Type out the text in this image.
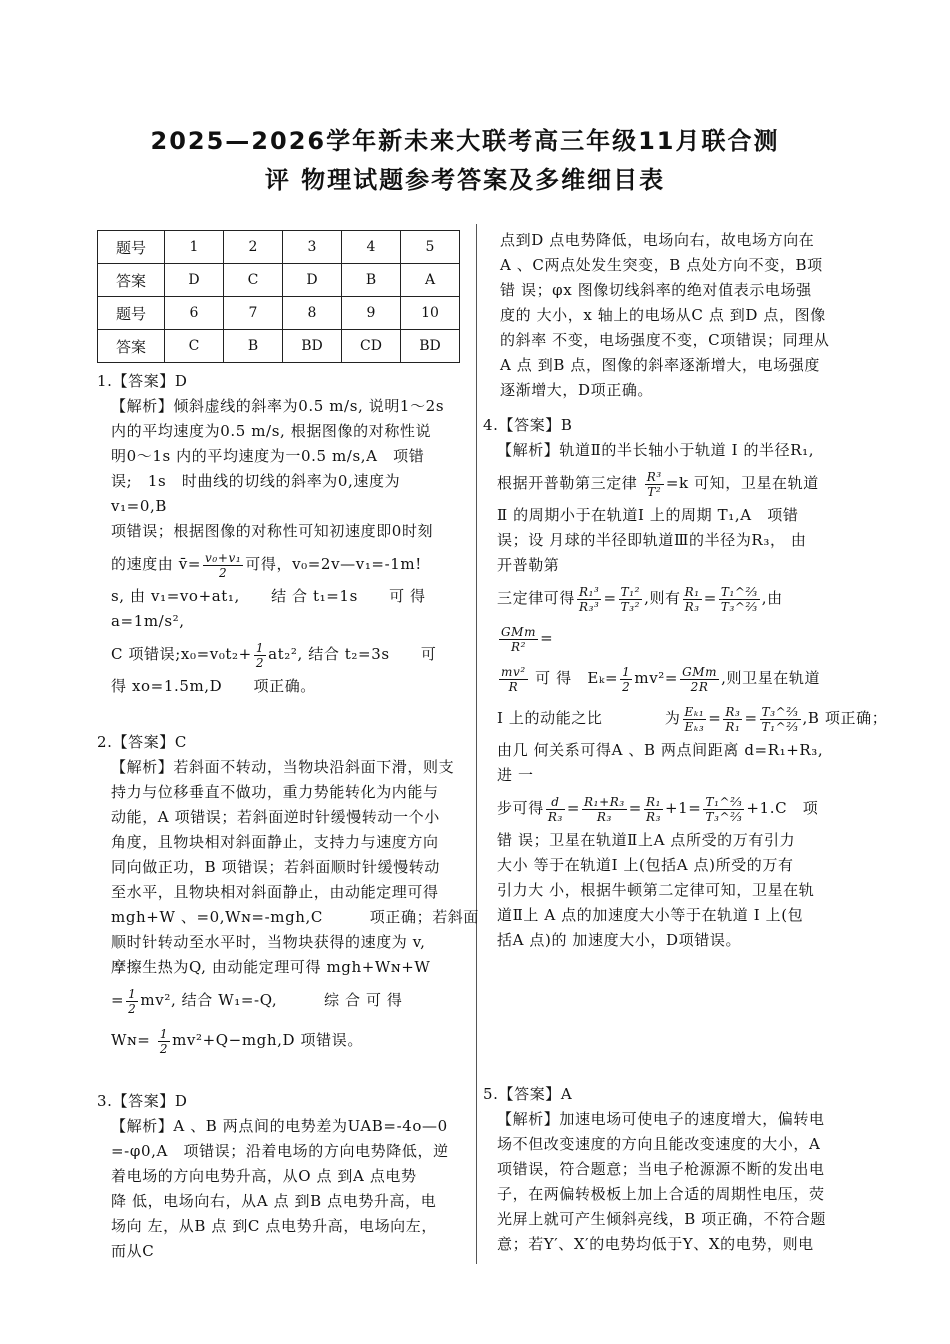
2025—2026学年新未来大联考高三年级11月联合测
评 物理试题参考答案及多维细目表
题号	1	2	3	4	5
答案	D	C	D	B	A
题号	6	7	8	9	10
答案	C	B	BD	CD	BD
1.【答案】D
【解析】倾斜虚线的斜率为0.5 m/s, 说明1～2s
内的平均速度为0.5 m/s, 根据图像的对称性说
明0～1s 内的平均速度为一0.5 m/s,A　项错
误;　1s　时曲线的切线的斜率为0,速度为
v₁=0,B
项错误；根据图像的对称性可知初速度即0时刻
的速度由 v̄= $\frac{\text{v₀+v₁}}{2}$ 可得，v₀=2v—v₁=-1m!
s, 由 v₁=vo+at₁,　　结 合 t₁=1s　　可 得
a=1m/s²,
C 项错误;x₀=v₀t₂+ $\frac{1}{2} at_2^2$, 结合 t₂=3s　　可
得 xo=1.5m,D　　项正确。
2.【答案】C
【解析】若斜面不转动，当物块沿斜面下滑，则支
持力与位移垂直不做功，重力势能转化为内能与
动能，A 项错误；若斜面逆时针缓慢转动一个小
角度，且物块相对斜面静止，支持力与速度方向
同向做正功，B 项错误；若斜面顺时针缓慢转动
至水平，且物块相对斜面静止，由动能定理可得
mgh+W 、=0,Wɴ=-mgh,C　　　项正确；若斜面
顺时针转动至水平时，当物块获得的速度为 v,
摩擦生热为Q, 由动能定理可得 mgh+Wɴ+W
= $\frac{1}{2} mv^2$, 结合 W₁=-Q,　　　综 合 可 得
Wɴ= $\frac{1}{2} mv^2+Q-mgh,D$ 项错误。
3.【答案】D
【解析】A 、B 两点间的电势差为UAB=-4o—0
=-φ0,A　项错误；沿着电场的方向电势降低，逆
着电场的方向电势升高，从O 点 到A 点电势
降 低，电场向右，从A 点 到B 点电势升高，电
场向 左，从B 点 到C 点电势升高，电场向左，
而从C
点到D 点电势降低，电场向右，故电场方向在
A 、C两点处发生突变，B 点处方向不变，B项
错 误；φx 图像切线斜率的绝对值表示电场强
度的 大小，x 轴上的电场从C 点 到D 点，图像
的斜率 不变，电场强度不变，C项错误；同理从
A 点 到B 点，图像的斜率逐渐增大，电场强度
逐渐增大，D项正确。
4.【答案】B
【解析】轨道Ⅱ的半长轴小于轨道 Ⅰ 的半径R₁,
根据开普勒第三定律 $\frac{\text{R³}}{\text{T²}} =k$ 可知，卫星在轨道
Ⅱ 的周期小于在轨道Ⅰ 上的周期 T₁,A　项错
误；设 月球的半径即轨道Ⅲ的半径为R₃， 由
开普勒第
三定律可得 $\frac{\text{R₁³}}{\text{R₃³}} = \frac{\text{T₁²}}{\text{T₃²}}$ ,则有 $\frac{\text{R₁}}{\text{R₃}} = \frac{\text{T₁\textasciicircum{}⅔}}{\text{T₃\textasciicircum{}⅔}}$ ,由
$\frac{\text{GMm}}{\text{R²}}$ =
$\frac{\text{mv²}}{R}$ 可 得　$E_k= \frac{1}{2} mv^2= \frac{\text{GMm}}{2R}$ ,则卫星在轨道
Ⅰ 上的动能之比　　　　为 $\frac{\text{Eₖ₁}}{\text{Eₖ₃}} = \frac{\text{R₃}}{\text{R₁}} = \frac{\text{T₃\textasciicircum{}⅔}}{\text{T₁\textasciicircum{}⅔}} ,B$ 项正确；
由几 何关系可得A 、B 两点间距离 d=R₁+R₃,
进 一
步可得 $\frac{d}{\text{R₃}} = \frac{\text{R₁+R₃}}{\text{R₃}} = \frac{\text{R₁}}{\text{R₃}} +1= \frac{\text{T₁\textasciicircum{}⅔}}{\text{T₃\textasciicircum{}⅔}} +1.C$　项
错 误；卫星在轨道Ⅱ上A 点所受的万有引力
大小 等于在轨道Ⅰ 上(包括A 点)所受的万有
引力大 小，根据牛顿第二定律可知，卫星在轨
道Ⅱ上 A 点的加速度大小等于在轨道 Ⅰ 上(包
括A 点)的 加速度大小，D项错误。
5.【答案】A
【解析】加速电场可使电子的速度增大，偏转电
场不但改变速度的方向且能改变速度的大小，A
项错误，符合题意；当电子枪源源不断的发出电
子，在两偏转极板上加上合适的周期性电压，荧
光屏上就可产生倾斜亮线，B 项正确，不符合题
意；若Y′、X′的电势均低于Y、X的电势，则电
